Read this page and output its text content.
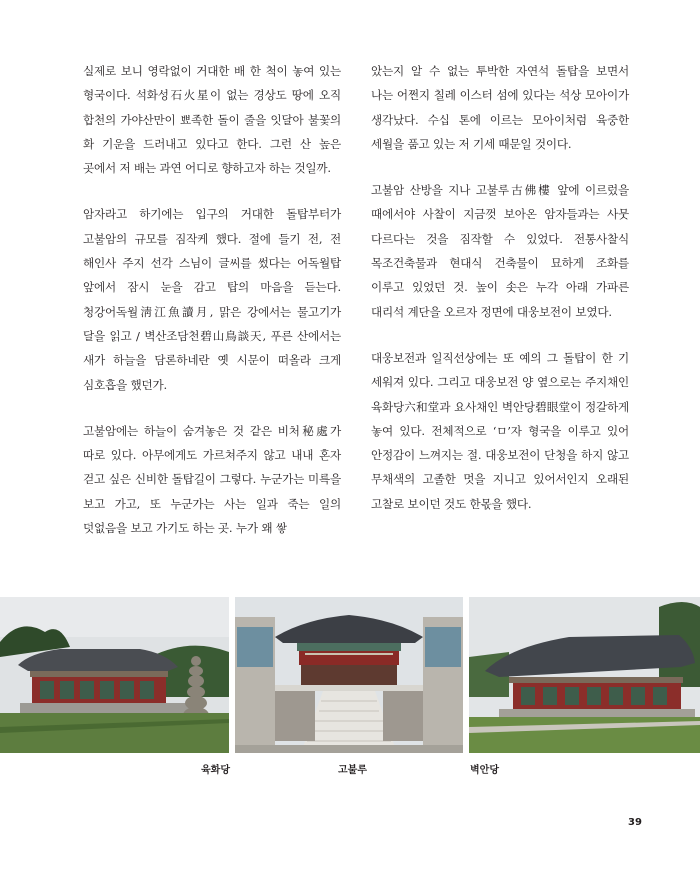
실제로 보니 영락없이 거대한 배 한 척이 놓여 있는 형국이다. 석화성石火星이 없는 경상도 땅에 오직 합천의 가야산만이 뾰족한 돌이 줄을 잇달아 불꽃의 화 기운을 드러내고 있다고 한다. 그런 산 높은 곳에서 저 배는 과연 어디로 향하고자 하는 것일까.

암자라고 하기에는 입구의 거대한 돌탑부터가 고불암의 규모를 짐작케 했다. 절에 들기 전, 전 해인사 주지 선각 스님이 글씨를 썼다는 어독월탑 앞에서 잠시 눈을 감고 탑의 마음을 듣는다. 청강어독월淸江魚讀月, 맑은 강에서는 물고기가 달을 읽고 / 벽산조담천碧山鳥談天, 푸른 산에서는 새가 하늘을 담론하네란 옛 시문이 떠올라 크게 심호흡을 했던가.

고불암에는 하늘이 숨겨놓은 것 같은 비처秘處가 따로 있다. 아무에게도 가르쳐주지 않고 내내 혼자 걷고 싶은 신비한 돌탑길이 그렇다. 누군가는 미륵을 보고 가고, 또 누군가는 사는 일과 죽는 일의 덧없음을 보고 가기도 하는 곳. 누가 왜 쌓

았는지 알 수 없는 투박한 자연석 돌탑을 보면서 나는 어쩐지 칠레 이스터 섬에 있다는 석상 모아이가 생각났다. 수십 톤에 이르는 모아이처럼 육중한 세월을 품고 있는 저 기세 때문일 것이다.

고불암 산방을 지나 고불루古佛樓 앞에 이르렀을 때에서야 사찰이 지금껏 보아온 암자들과는 사뭇 다르다는 것을 짐작할 수 있었다. 전통사찰식 목조건축물과 현대식 건축물이 묘하게 조화를 이루고 있었던 것. 높이 솟은 누각 아래 가파른 대리석 계단을 오르자 정면에 대웅보전이 보였다.

대웅보전과 일직선상에는 또 예의 그 돌탑이 한 기 세워져 있다. 그리고 대웅보전 양 옆으로는 주지채인 육화당六和堂과 요사채인 벽안당碧眼堂이 정갈하게 놓여 있다. 전체적으로 ‘ㅁ’자 형국을 이루고 있어 안정감이 느껴지는 절. 대웅보전이 단청을 하지 않고 무채색의 고졸한 멋을 지니고 있어서인지 오래된 고찰로 보이던 것도 한몫을 했다.

육화당	고불루	벽안당
39
